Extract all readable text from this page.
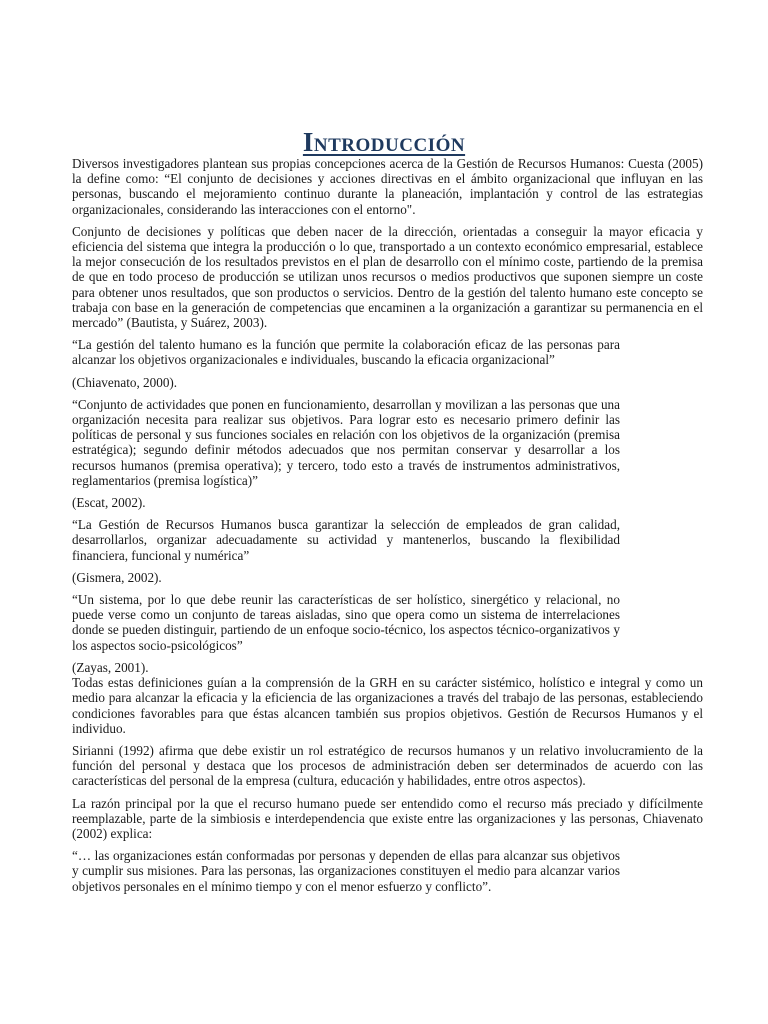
Introducción

Diversos investigadores plantean sus propias concepciones acerca de la Gestión de Recursos Humanos: Cuesta (2005) la define como: “El conjunto de decisiones y acciones directivas en el ámbito organizacional que influyan en las personas, buscando el mejoramiento continuo durante la planeación, implantación y control de las estrategias organizacionales, considerando las interacciones con el entorno".

Conjunto de decisiones y políticas que deben nacer de la dirección, orientadas a conseguir la mayor eficacia y eficiencia del sistema que integra la producción o lo que, transportado a un contexto económico empresarial, establece la mejor consecución de los resultados previstos en el plan de desarrollo con el mínimo coste, partiendo de la premisa de que en todo proceso de producción se utilizan unos recursos o medios productivos que suponen siempre un coste para obtener unos resultados, que son productos o servicios. Dentro de la gestión del talento humano este concepto se trabaja con base en la generación de competencias que encaminen a la organización a garantizar su permanencia en el mercado” (Bautista, y Suárez, 2003).

“La gestión del talento humano es la función que permite la colaboración eficaz de las personas para alcanzar los objetivos organizacionales e individuales, buscando la eficacia organizacional”

(Chiavenato, 2000).

“Conjunto de actividades que ponen en funcionamiento, desarrollan y movilizan a las personas que una organización necesita para realizar sus objetivos. Para lograr esto es necesario primero definir las políticas de personal y sus funciones sociales en relación con los objetivos de la organización (premisa estratégica); segundo definir métodos adecuados que nos permitan conservar y desarrollar a los recursos humanos (premisa operativa); y tercero, todo esto a través de instrumentos administrativos, reglamentarios (premisa logística)”

(Escat, 2002).

“La Gestión de Recursos Humanos busca garantizar la selección de empleados de gran calidad, desarrollarlos, organizar adecuadamente su actividad y mantenerlos, buscando la flexibilidad financiera, funcional y numérica”

(Gismera, 2002).

“Un sistema, por lo que debe reunir las características de ser holístico, sinergético y relacional, no puede verse como un conjunto de tareas aisladas, sino que opera como un sistema de interrelaciones donde se pueden distinguir, partiendo de un enfoque socio-técnico, los aspectos técnico-organizativos y los aspectos socio-psicológicos”

(Zayas, 2001).

Todas estas definiciones guían a la comprensión de la GRH en su carácter sistémico, holístico e integral y como un medio para alcanzar la eficacia y la eficiencia de las organizaciones a través del trabajo de las personas, estableciendo condiciones favorables para que éstas alcancen también sus propios objetivos. Gestión de Recursos Humanos y el individuo.

Sirianni (1992) afirma que debe existir un rol estratégico de recursos humanos y un relativo involucramiento de la función del personal y destaca que los procesos de administración deben ser determinados de acuerdo con las características del personal de la empresa (cultura, educación y habilidades, entre otros aspectos).

La razón principal por la que el recurso humano puede ser entendido como el recurso más preciado y difícilmente reemplazable, parte de la simbiosis e interdependencia que existe entre las organizaciones y las personas, Chiavenato (2002) explica:

“… las organizaciones están conformadas por personas y dependen de ellas para alcanzar sus objetivos y cumplir sus misiones. Para las personas, las organizaciones constituyen el medio para alcanzar varios objetivos personales en el mínimo tiempo y con el menor esfuerzo y conflicto”.
